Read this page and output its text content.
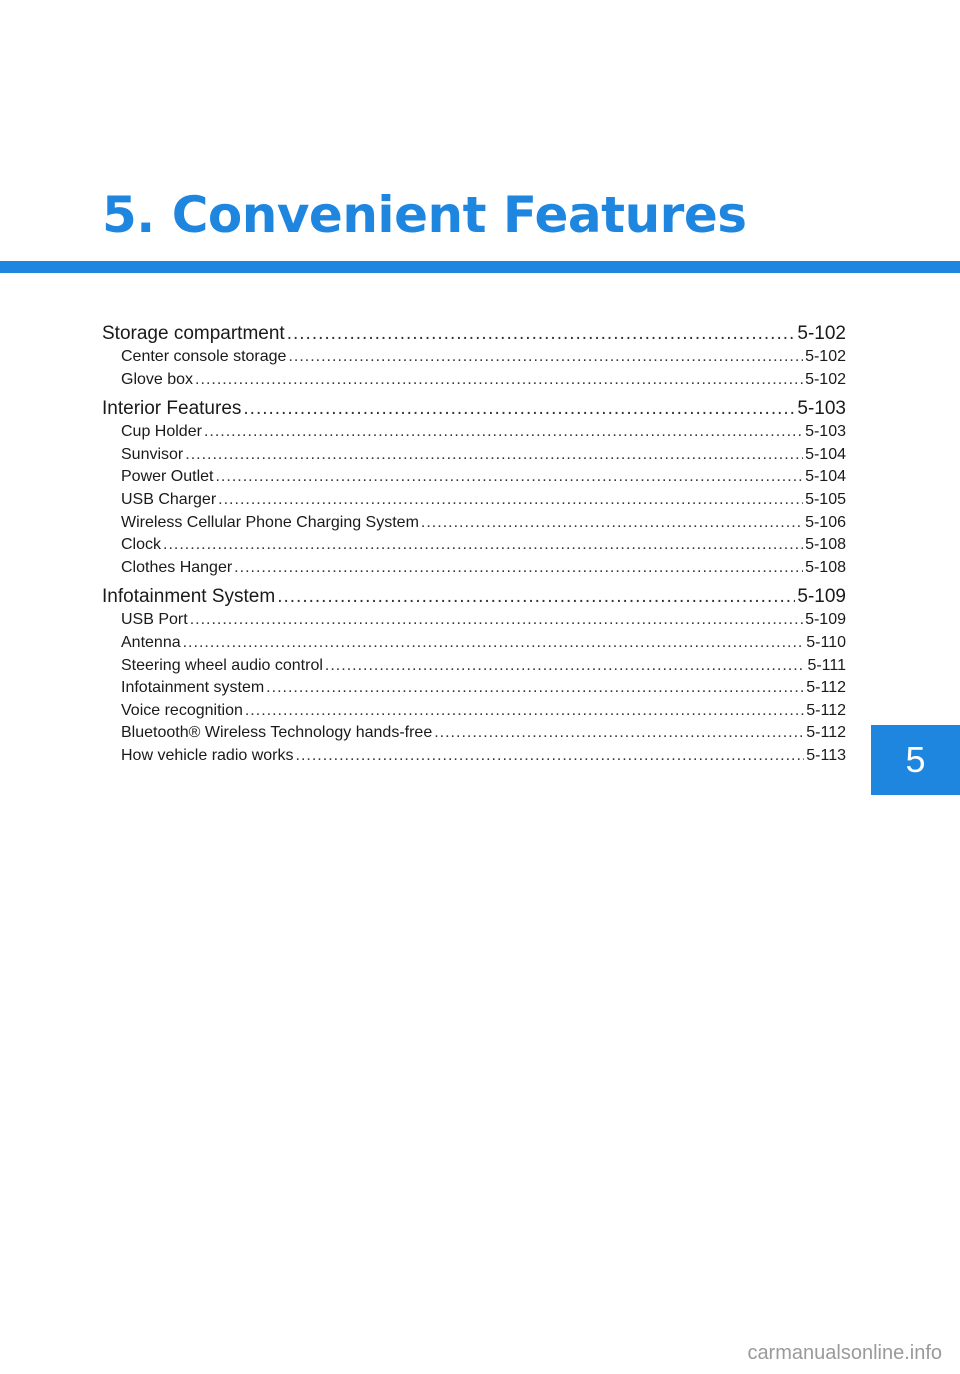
5. Convenient Features
Storage compartment .....	5-102
Center console storage .....	5-102
Glove box .....	5-102
Interior Features .....	5-103
Cup Holder .....	5-103
Sunvisor .....	5-104
Power Outlet .....	5-104
USB Charger .....	5-105
Wireless Cellular Phone Charging System .....	5-106
Clock .....	5-108
Clothes Hanger .....	5-108
Infotainment System .....	5-109
USB Port .....	5-109
Antenna .....	5-110
Steering wheel audio control .....	5-111
Infotainment system .....	5-112
Voice recognition .....	5-112
Bluetooth® Wireless Technology hands-free .....	5-112
How vehicle radio works .....	5-113 5
carmanualsonline.info
